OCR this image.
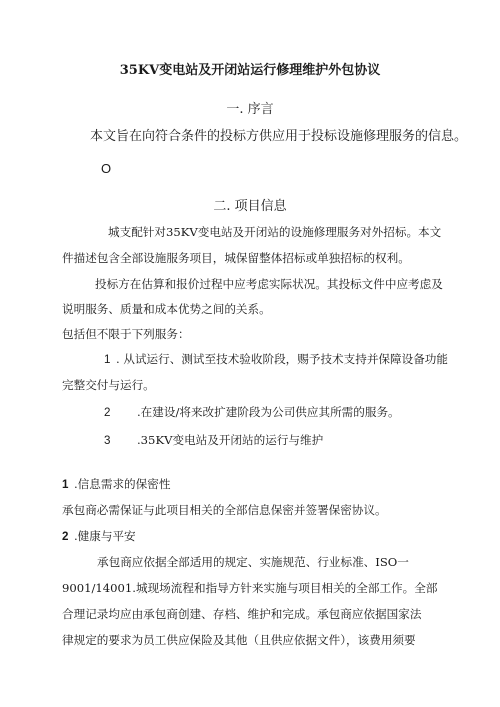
35KV变电站及开闭站运行修理维护外包协议
一. 序言
本文旨在向符合条件的投标方供应用于投标设施修理服务的信息。
O
二. 项目信息
城支配针对35KV变电站及开闭站的设施修理服务对外招标。本文
件描述包含全部设施服务项目，城保留整体招标或单独招标的权利。
投标方在估算和报价过程中应考虑实际状况。其投标文件中应考虑及
说明服务、质量和成本优势之间的关系。
包括但不限于下列服务：
1 . 从试运行、测试至技术验收阶段，赐予技术支持并保障设备功能
完整交付与运行。
2 .在建设/将来改扩建阶段为公司供应其所需的服务。
3 .35KV变电站及开闭站的运行与维护
1 .信息需求的保密性
承包商必需保证与此项目相关的全部信息保密并签署保密协议。
2 .健康与平安
承包商应依据全部适用的规定、实施规范、行业标准、ISO一
9001/14001.城现场流程和指导方针来实施与项目相关的全部工作。全部
合理记录均应由承包商创建、存档、维护和完成。承包商应依据国家法
律规定的要求为员工供应保险及其他（且供应依据文件），该费用须要
